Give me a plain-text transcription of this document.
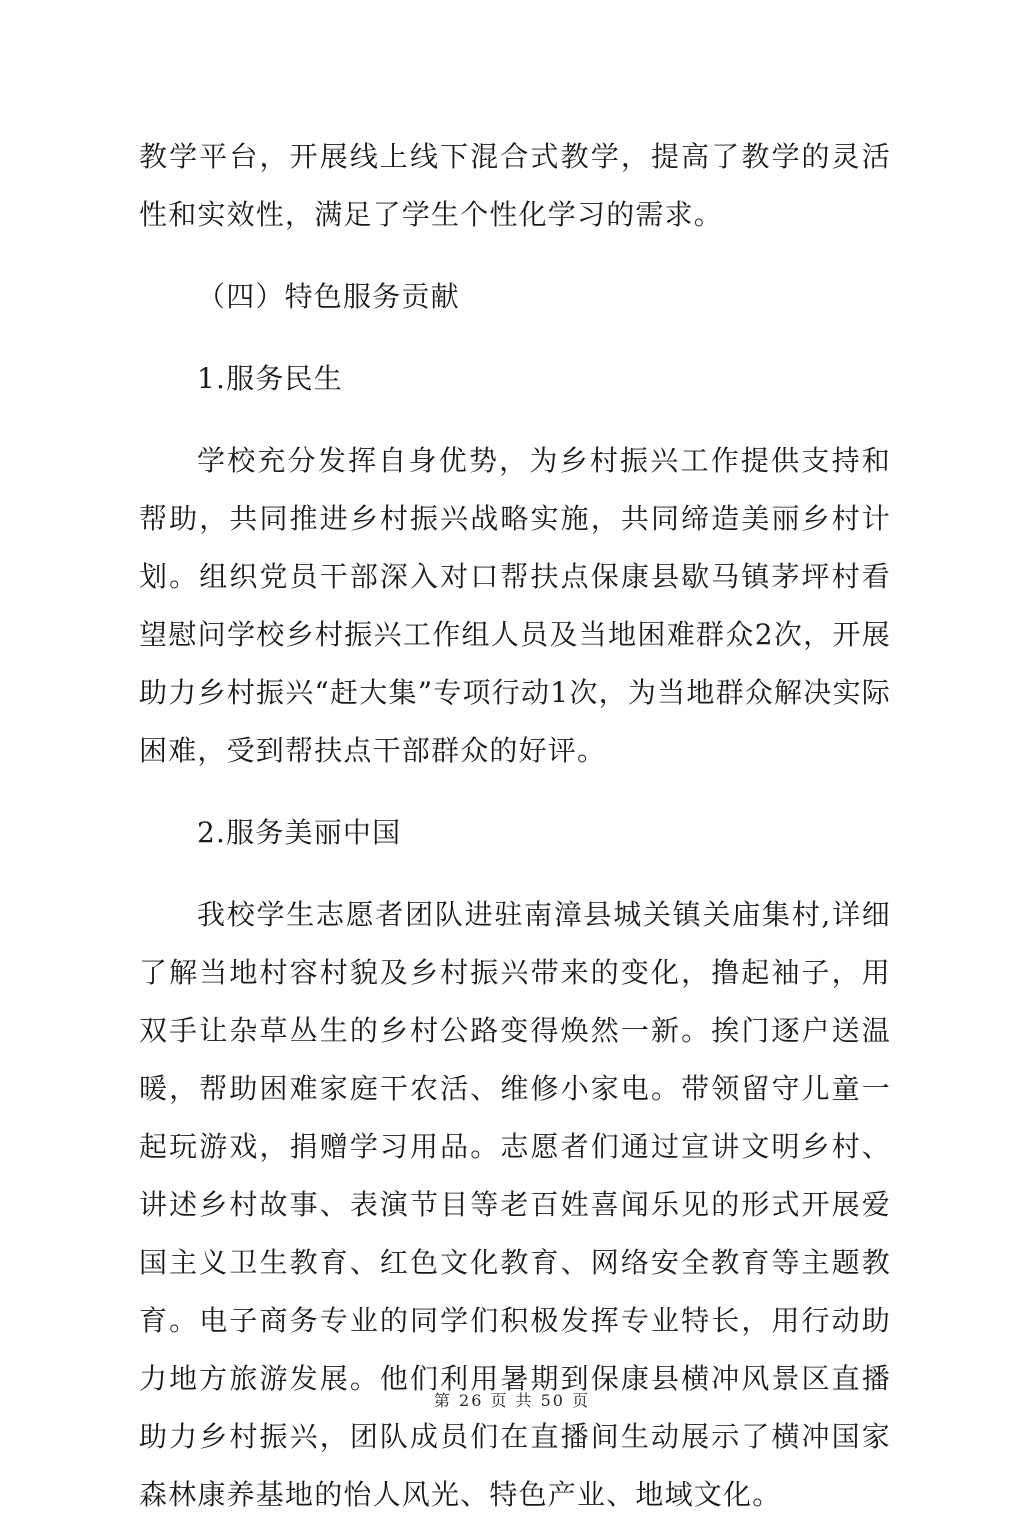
教学平台，开展线上线下混合式教学，提高了教学的灵活性和实效性，满足了学生个性化学习的需求。

（四）特色服务贡献

1.服务民生

学校充分发挥自身优势，为乡村振兴工作提供支持和帮助，共同推进乡村振兴战略实施，共同缔造美丽乡村计划。组织党员干部深入对口帮扶点保康县歇马镇茅坪村看望慰问学校乡村振兴工作组人员及当地困难群众2次，开展助力乡村振兴“赶大集”专项行动1次，为当地群众解决实际困难，受到帮扶点干部群众的好评。

2.服务美丽中国

我校学生志愿者团队进驻南漳县城关镇关庙集村,详细了解当地村容村貌及乡村振兴带来的变化，撸起袖子，用双手让杂草丛生的乡村公路变得焕然一新。挨门逐户送温暖，帮助困难家庭干农活、维修小家电。带领留守儿童一起玩游戏，捐赠学习用品。志愿者们通过宣讲文明乡村、讲述乡村故事、表演节目等老百姓喜闻乐见的形式开展爱国主义卫生教育、红色文化教育、网络安全教育等主题教育。电子商务专业的同学们积极发挥专业特长，用行动助力地方旅游发展。他们利用暑期到保康县横冲风景区直播助力乡村振兴，团队成员们在直播间生动展示了横冲国家森林康养基地的怡人风光、特色产业、地域文化。

第 26 页 共 50 页
